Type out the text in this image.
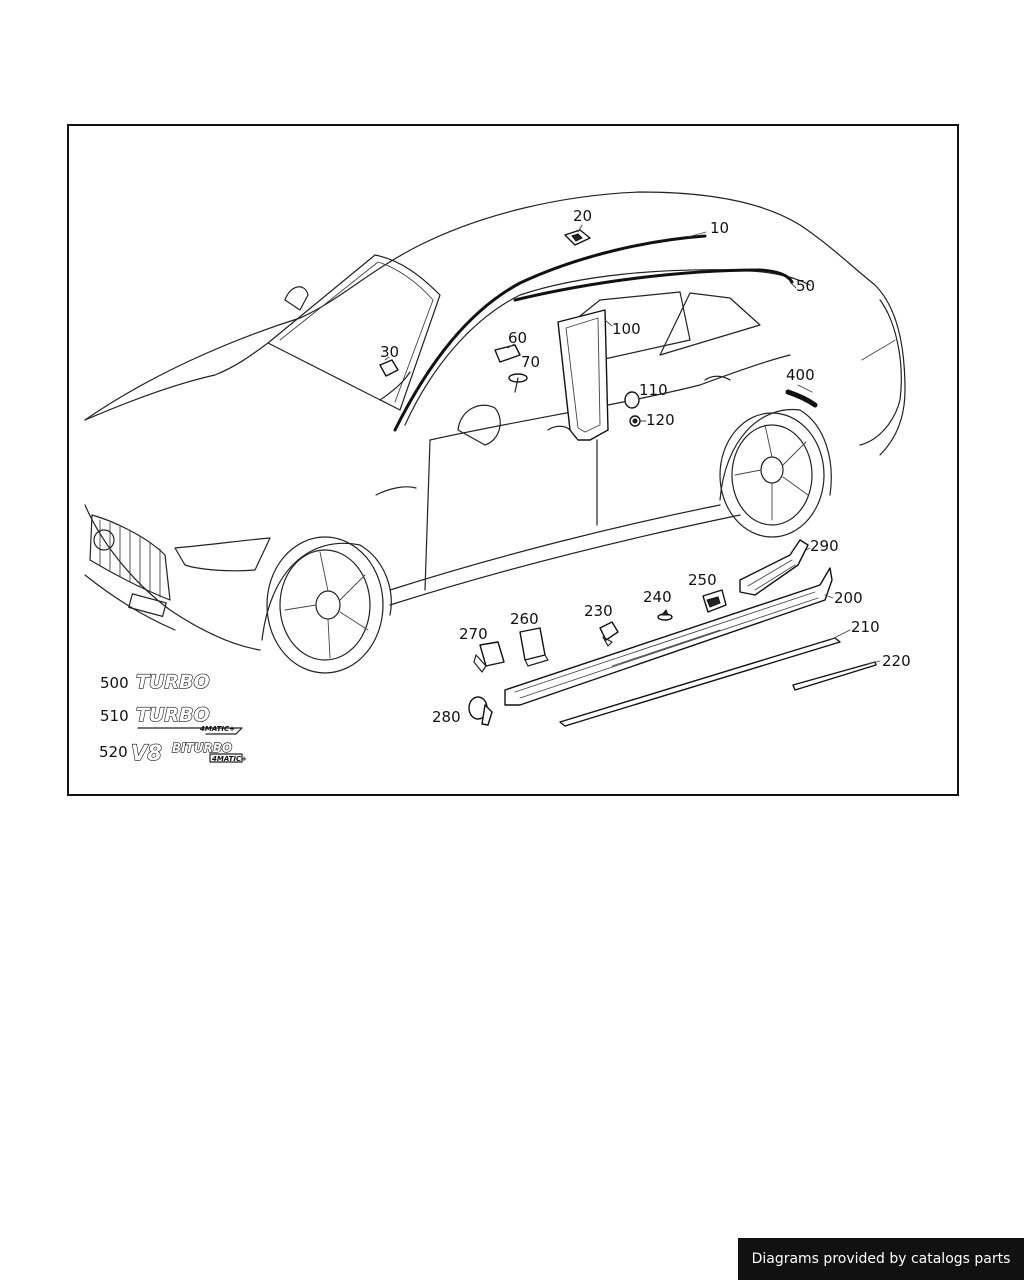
20
10
30
50
60
70
100
110
120
400
290
250
240	200
230
210
260
270
220
280
500
510
520
TURBO
TURBO
4MATIC+
V8 BITURBO
4MATIC+
Diagrams provided by catalogs parts
